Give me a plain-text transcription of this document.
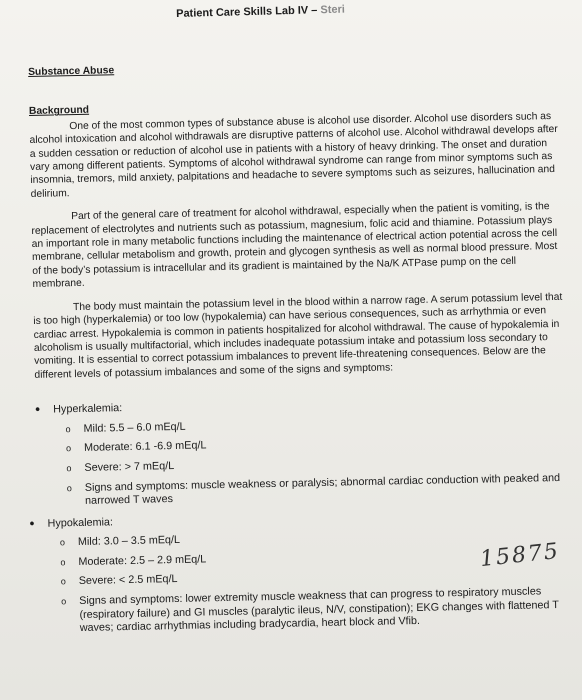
Patient Care Skills Lab IV – Steri

Substance Abuse

Background

One of the most common types of substance abuse is alcohol use disorder. Alcohol use disorders such as alcohol intoxication and alcohol withdrawals are disruptive patterns of alcohol use. Alcohol withdrawal develops after a sudden cessation or reduction of alcohol use in patients with a history of heavy drinking. The onset and duration vary among different patients. Symptoms of alcohol withdrawal syndrome can range from minor symptoms such as insomnia, tremors, mild anxiety, palpitations and headache to severe symptoms such as seizures, hallucination and delirium.

Part of the general care of treatment for alcohol withdrawal, especially when the patient is vomiting, is the replacement of electrolytes and nutrients such as potassium, magnesium, folic acid and thiamine. Potassium plays an important role in many metabolic functions including the maintenance of electrical action potential across the cell membrane, cellular metabolism and growth, protein and glycogen synthesis as well as normal blood pressure. Most of the body’s potassium is intracellular and its gradient is maintained by the Na/K ATPase pump on the cell membrane.

The body must maintain the potassium level in the blood within a narrow rage. A serum potassium level that is too high (hyperkalemia) or too low (hypokalemia) can have serious consequences, such as arrhythmia or even cardiac arrest. Hypokalemia is common in patients hospitalized for alcohol withdrawal. The cause of hypokalemia in alcoholism is usually multifactorial, which includes inadequate potassium intake and potassium loss secondary to vomiting. It is essential to correct potassium imbalances to prevent life-threatening consequences. Below are the different levels of potassium imbalances and some of the signs and symptoms:

• Hyperkalemia:
o Mild: 5.5 – 6.0 mEq/L
o Moderate: 6.1 -6.9 mEq/L
o Severe: > 7 mEq/L
o Signs and symptoms: muscle weakness or paralysis; abnormal cardiac conduction with peaked and narrowed T waves
• Hypokalemia:
o Mild: 3.0 – 3.5 mEq/L
o Moderate: 2.5 – 2.9 mEq/L
o Severe: < 2.5 mEq/L
o Signs and symptoms: lower extremity muscle weakness that can progress to respiratory muscles (respiratory failure) and GI muscles (paralytic ileus, N/V, constipation); EKG changes with flattened T waves; cardiac arrhythmias including bradycardia, heart block and Vfib.
15875
